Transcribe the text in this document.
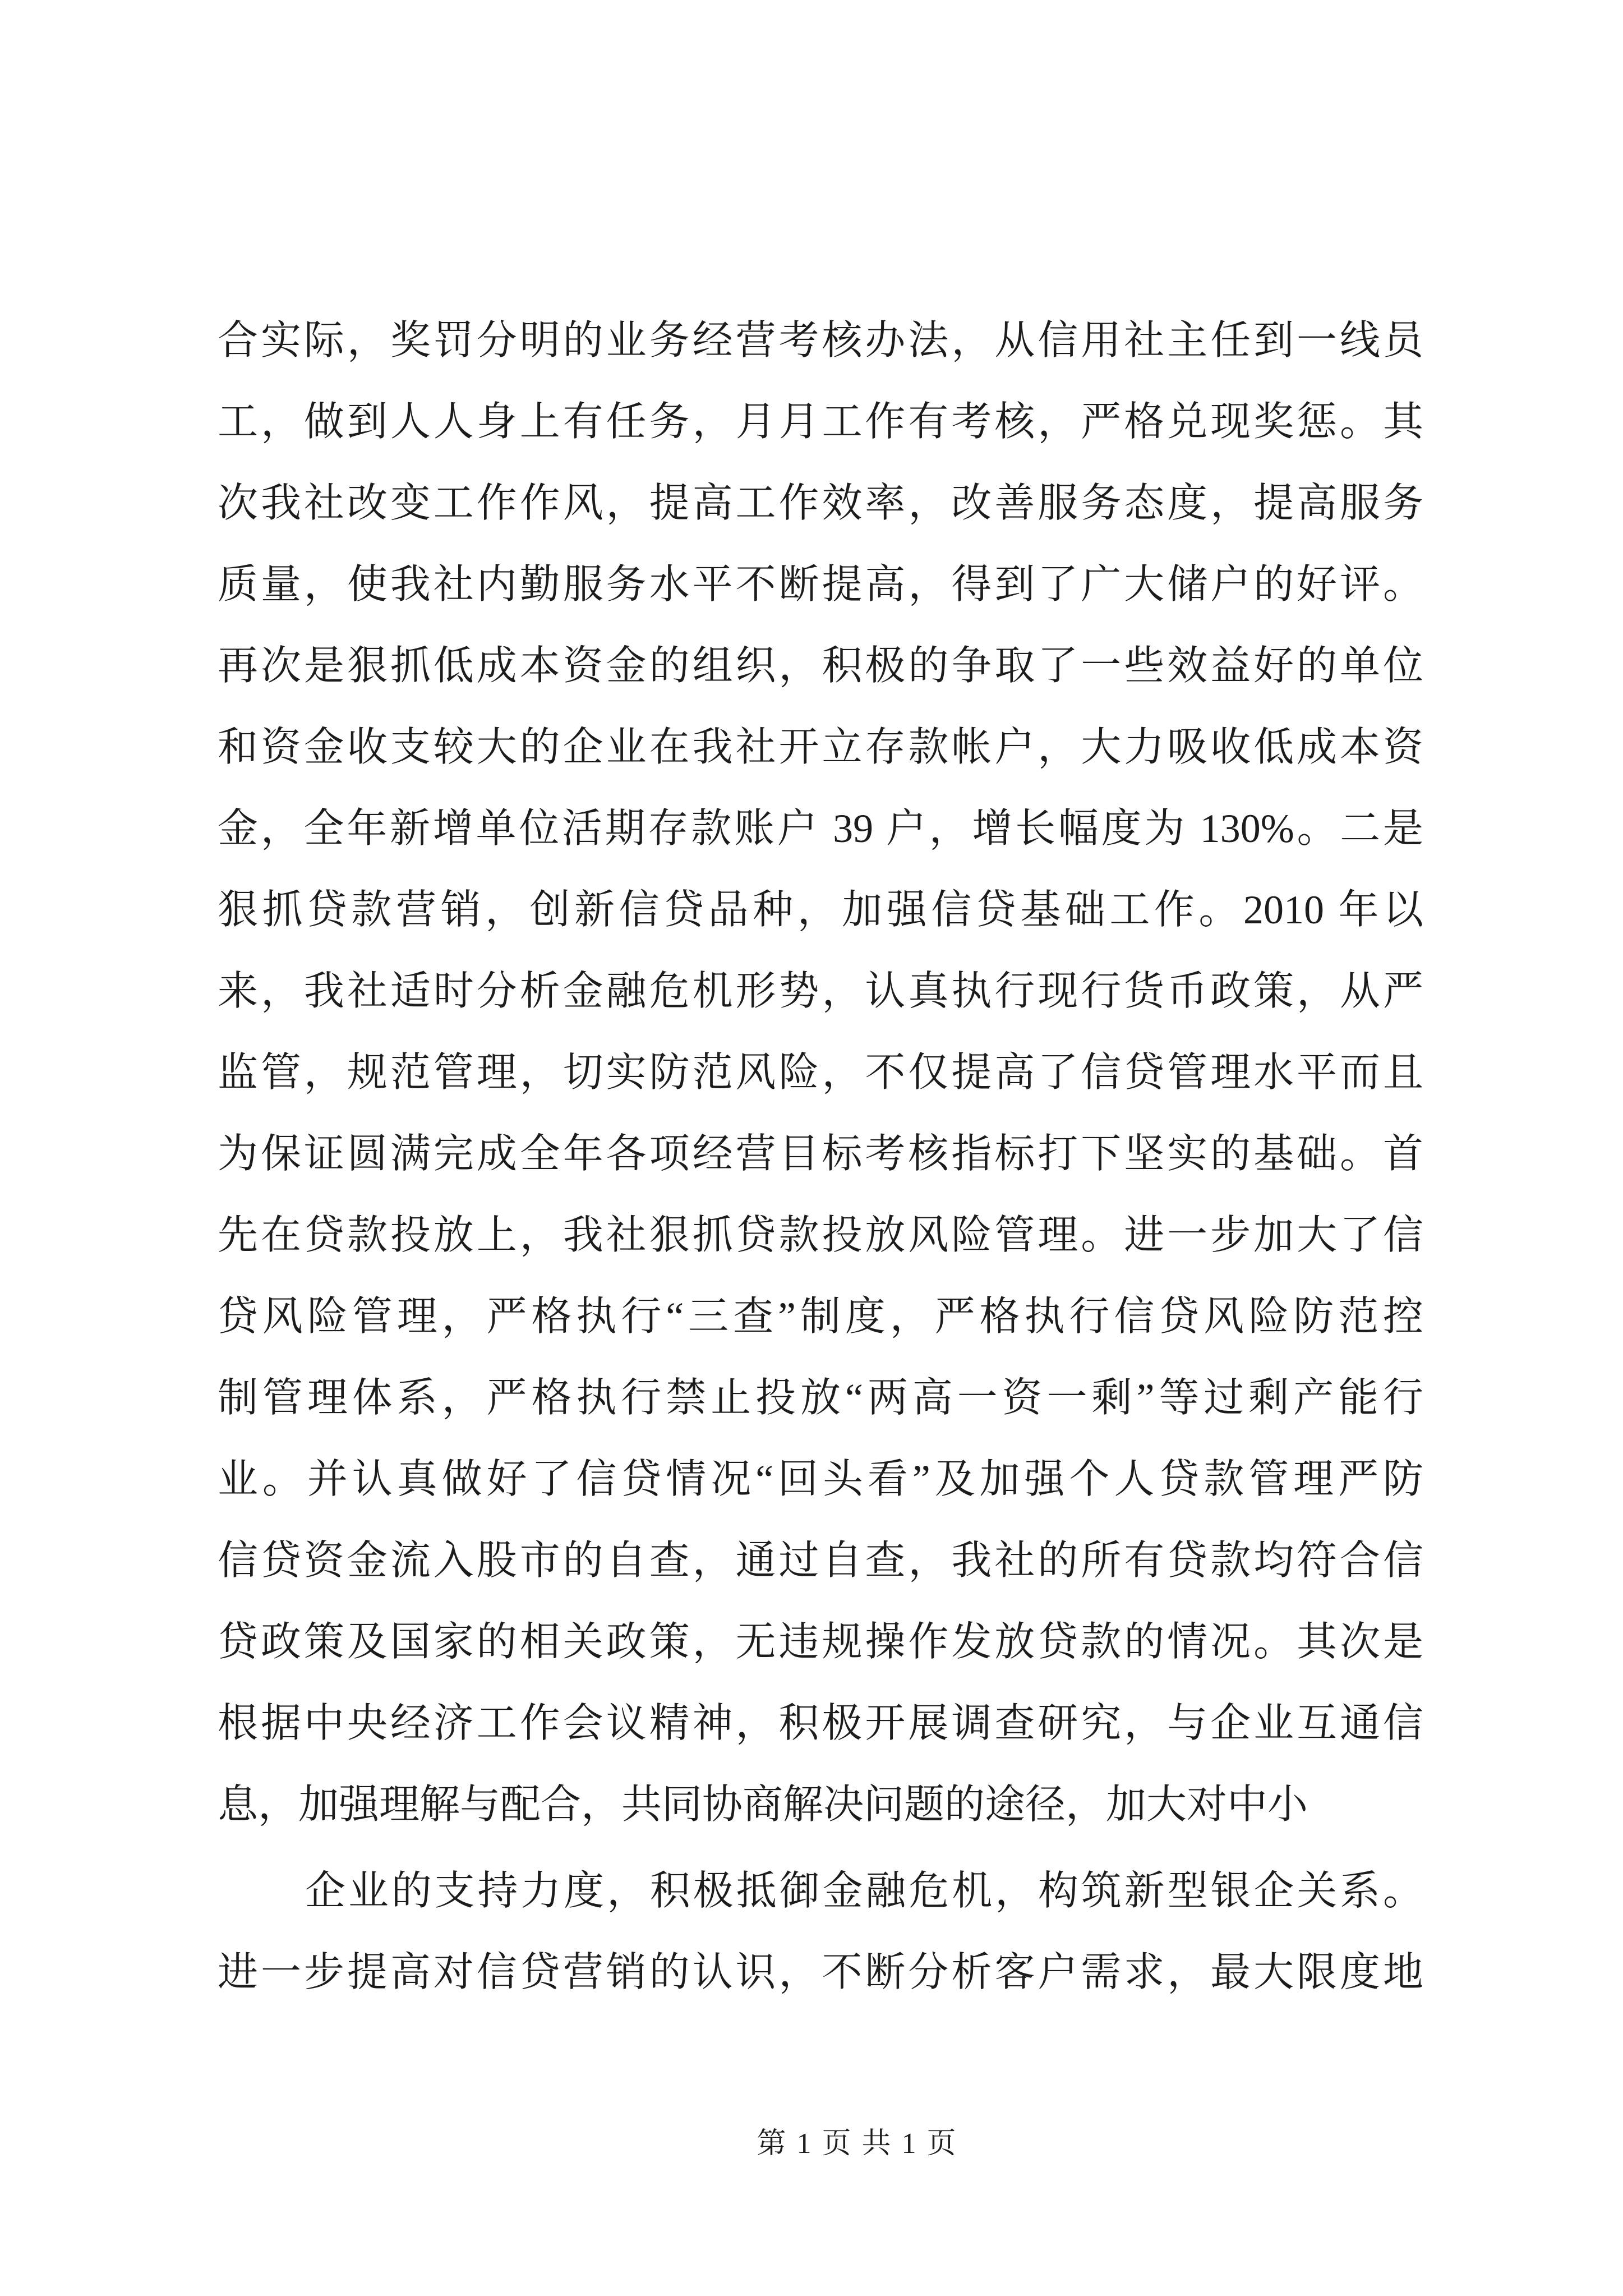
合实际，奖罚分明的业务经营考核办法，从信用社主任到一线员
工，做到人人身上有任务，月月工作有考核，严格兑现奖惩。其
次我社改变工作作风，提高工作效率，改善服务态度，提高服务
质量，使我社内勤服务水平不断提高，得到了广大储户的好评。
再次是狠抓低成本资金的组织，积极的争取了一些效益好的单位
和资金收支较大的企业在我社开立存款帐户，大力吸收低成本资
金，全年新增单位活期存款账户 39 户，增长幅度为 130%。二是
狠抓贷款营销，创新信贷品种，加强信贷基础工作。2010 年以
来，我社适时分析金融危机形势，认真执行现行货币政策，从严
监管，规范管理，切实防范风险，不仅提高了信贷管理水平而且
为保证圆满完成全年各项经营目标考核指标打下坚实的基础。首
先在贷款投放上，我社狠抓贷款投放风险管理。进一步加大了信
贷风险管理，严格执行“三查”制度，严格执行信贷风险防范控
制管理体系，严格执行禁止投放“两高一资一剩”等过剩产能行
业。并认真做好了信贷情况“回头看”及加强个人贷款管理严防
信贷资金流入股市的自查，通过自查，我社的所有贷款均符合信
贷政策及国家的相关政策，无违规操作发放贷款的情况。其次是
根据中央经济工作会议精神，积极开展调查研究，与企业互通信
息，加强理解与配合，共同协商解决问题的途径，加大对中小
企业的支持力度，积极抵御金融危机，构筑新型银企关系。
进一步提高对信贷营销的认识，不断分析客户需求，最大限度地
第 1 页 共 1 页
